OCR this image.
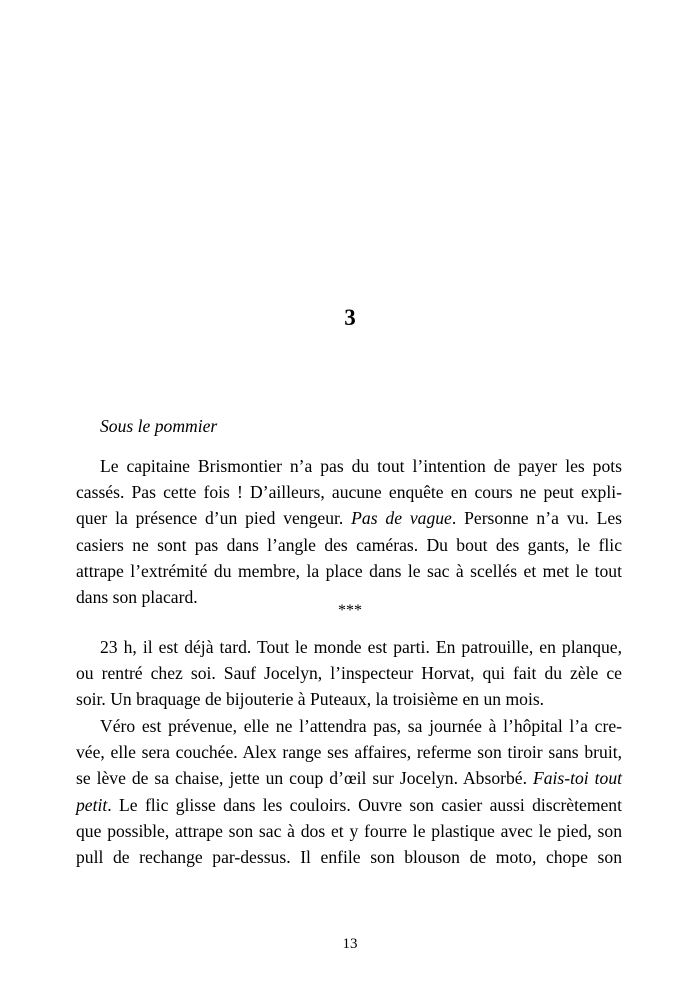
3
Sous le pommier
Le capitaine Brismontier n’a pas du tout l’intention de payer les pots
cassés. Pas cette fois ! D’ailleurs, aucune enquête en cours ne peut expli-
quer la présence d’un pied vengeur. Pas de vague. Personne n’a vu. Les
casiers ne sont pas dans l’angle des caméras. Du bout des gants, le flic
attrape l’extrémité du membre, la place dans le sac à scellés et met le tout
dans son placard.
***
23 h, il est déjà tard. Tout le monde est parti. En patrouille, en planque,
ou rentré chez soi. Sauf Jocelyn, l’inspecteur Horvat, qui fait du zèle ce
soir. Un braquage de bijouterie à Puteaux, la troisième en un mois.
Véro est prévenue, elle ne l’attendra pas, sa journée à l’hôpital l’a cre-
vée, elle sera couchée. Alex range ses affaires, referme son tiroir sans bruit,
se lève de sa chaise, jette un coup d’œil sur Jocelyn. Absorbé. Fais-toi tout
petit. Le flic glisse dans les couloirs. Ouvre son casier aussi discrètement
que possible, attrape son sac à dos et y fourre le plastique avec le pied, son
pull de rechange par-dessus. Il enfile son blouson de moto, chope son
13
